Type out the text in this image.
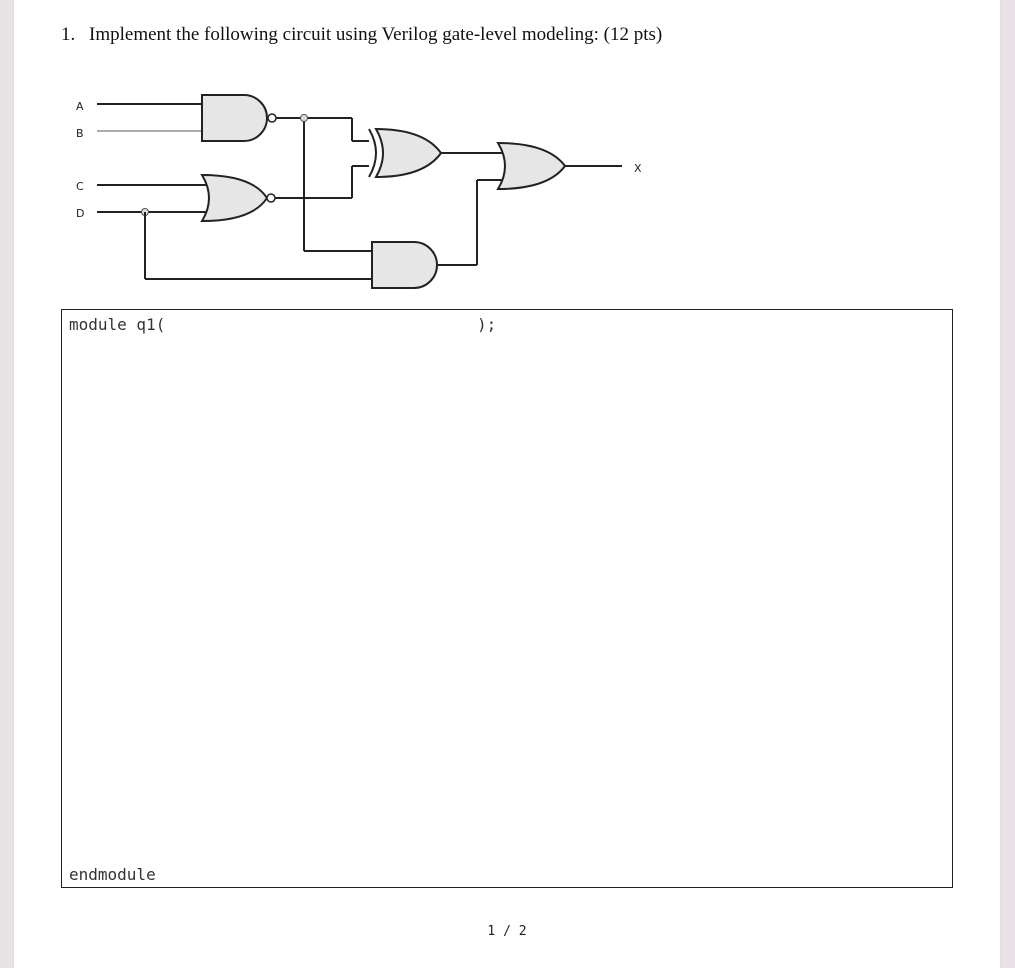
1. Implement the following circuit using Verilog gate-level modeling: (12 pts)
A
B
C
D
X
module q1(	);
endmodule
1 / 2
